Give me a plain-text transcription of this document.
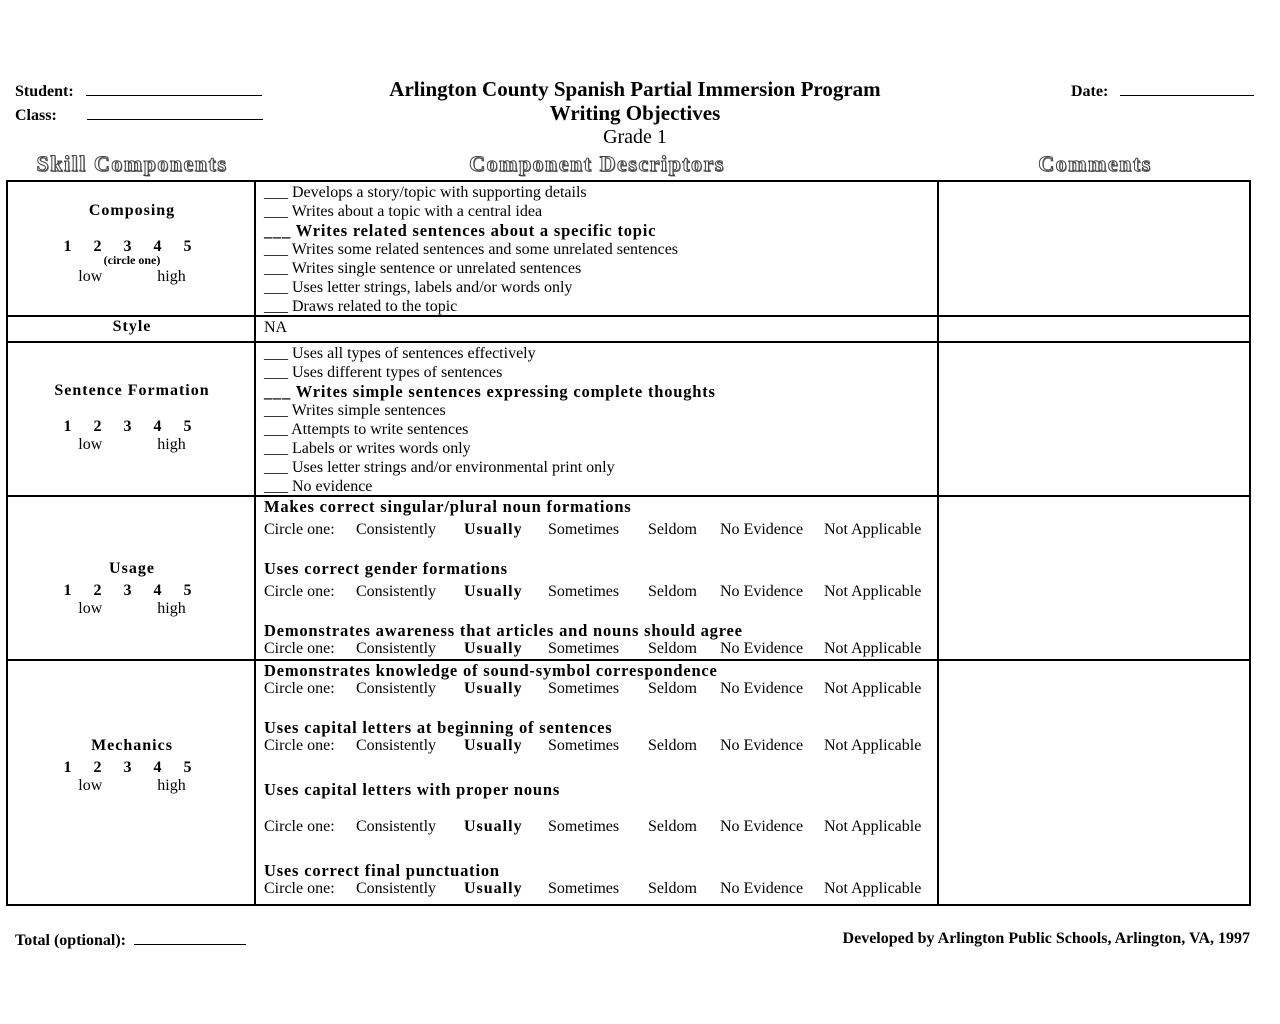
Student:
Class:
Date:
Arlington County Spanish Partial Immersion Program
Writing Objectives
Grade 1
Skill Components	Component Descriptors	Comments
Composing
1 2 3 4 5
(circle one)
low	high
___ Develops a story/topic with supporting details
___ Writes about a topic with a central idea
___ Writes related sentences about a specific topic
___ Writes some related sentences and some unrelated sentences
___ Writes single sentence or unrelated sentences
___ Uses letter strings, labels and/or words only
___ Draws related to the topic
Style	NA
Sentence Formation
1 2 3 4 5
low	high
___ Uses all types of sentences effectively
___ Uses different types of sentences
___ Writes simple sentences expressing complete thoughts
___ Writes simple sentences
___ Attempts to write sentences
___ Labels or writes words only
___ Uses letter strings and/or environmental print only
___ No evidence
Usage
1 2 3 4 5
low	high
Makes correct singular/plural noun formations
Circle one: Consistently Usually Sometimes Seldom No Evidence Not Applicable
Uses correct gender formations
Circle one: Consistently Usually Sometimes Seldom No Evidence Not Applicable
Demonstrates awareness that articles and nouns should agree
Circle one: Consistently Usually Sometimes Seldom No Evidence Not Applicable
Mechanics
1 2 3 4 5
low	high
Demonstrates knowledge of sound-symbol correspondence
Circle one: Consistently Usually Sometimes Seldom No Evidence Not Applicable
Uses capital letters at beginning of sentences
Circle one: Consistently Usually Sometimes Seldom No Evidence Not Applicable
Uses capital letters with proper nouns
Circle one: Consistently Usually Sometimes Seldom No Evidence Not Applicable
Uses correct final punctuation
Circle one: Consistently Usually Sometimes Seldom No Evidence Not Applicable
Total (optional):	Developed by Arlington Public Schools, Arlington, VA, 1997
